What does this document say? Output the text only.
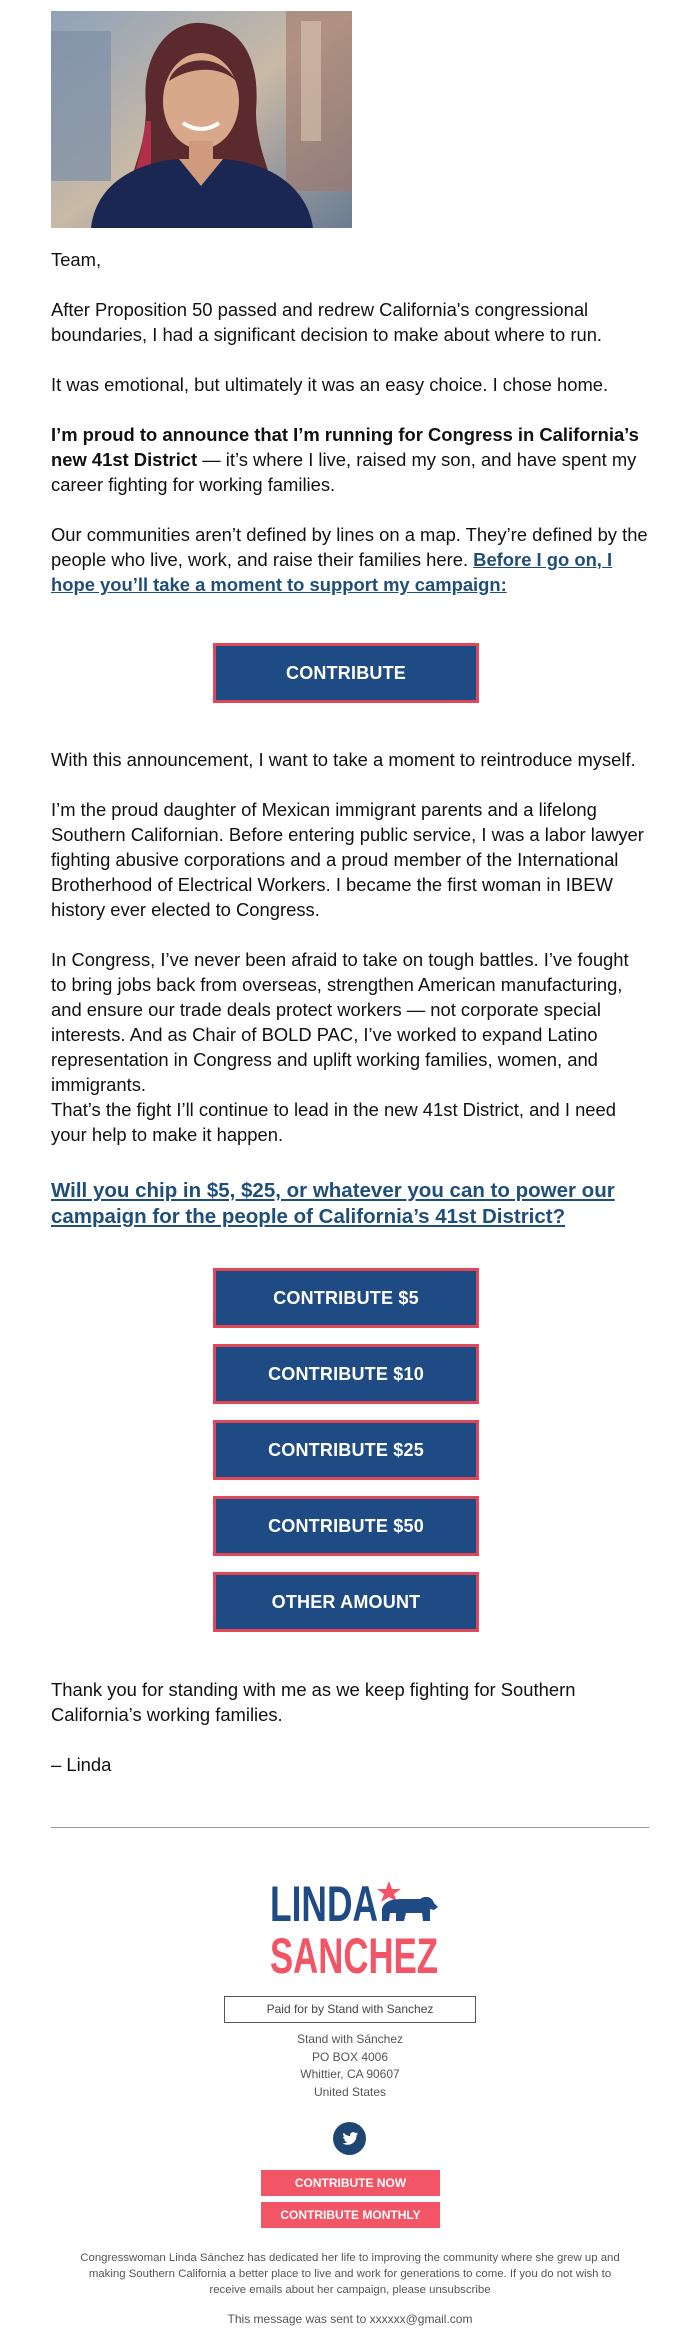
Team,

After Proposition 50 passed and redrew California's congressional boundaries, I had a significant decision to make about where to run.

It was emotional, but ultimately it was an easy choice. I chose home.

I’m proud to announce that I’m running for Congress in California’s new 41st District — it’s where I live, raised my son, and have spent my career fighting for working families.

Our communities aren’t defined by lines on a map. They’re defined by the people who live, work, and raise their families here. Before I go on, I hope you’ll take a moment to support my campaign:

CONTRIBUTE

With this announcement, I want to take a moment to reintroduce myself.

I’m the proud daughter of Mexican immigrant parents and a lifelong Southern Californian. Before entering public service, I was a labor lawyer fighting abusive corporations and a proud member of the International Brotherhood of Electrical Workers. I became the first woman in IBEW history ever elected to Congress.

In Congress, I’ve never been afraid to take on tough battles. I’ve fought to bring jobs back from overseas, strengthen American manufacturing, and ensure our trade deals protect workers — not corporate special interests. And as Chair of BOLD PAC, I’ve worked to expand Latino representation in Congress and uplift working families, women, and immigrants.

That’s the fight I’ll continue to lead in the new 41st District, and I need your help to make it happen.

Will you chip in $5, $25, or whatever you can to power our campaign for the people of California’s 41st District?
CONTRIBUTE $5
CONTRIBUTE $10
CONTRIBUTE $25
CONTRIBUTE $50
OTHER AMOUNT

Thank you for standing with me as we keep fighting for Southern California’s working families.

– Linda

LINDA
SANCHEZ
Paid for by Stand with Sanchez
Stand with Sánchez
PO BOX 4006
Whittier, CA 90607
United States
CONTRIBUTE NOW
CONTRIBUTE MONTHLY
Congresswoman Linda Sánchez has dedicated her life to improving the community where she grew up and making Southern California a better place to live and work for generations to come. If you do not wish to receive emails about her campaign, please unsubscribe
This message was sent to xxxxxx@gmail.com
